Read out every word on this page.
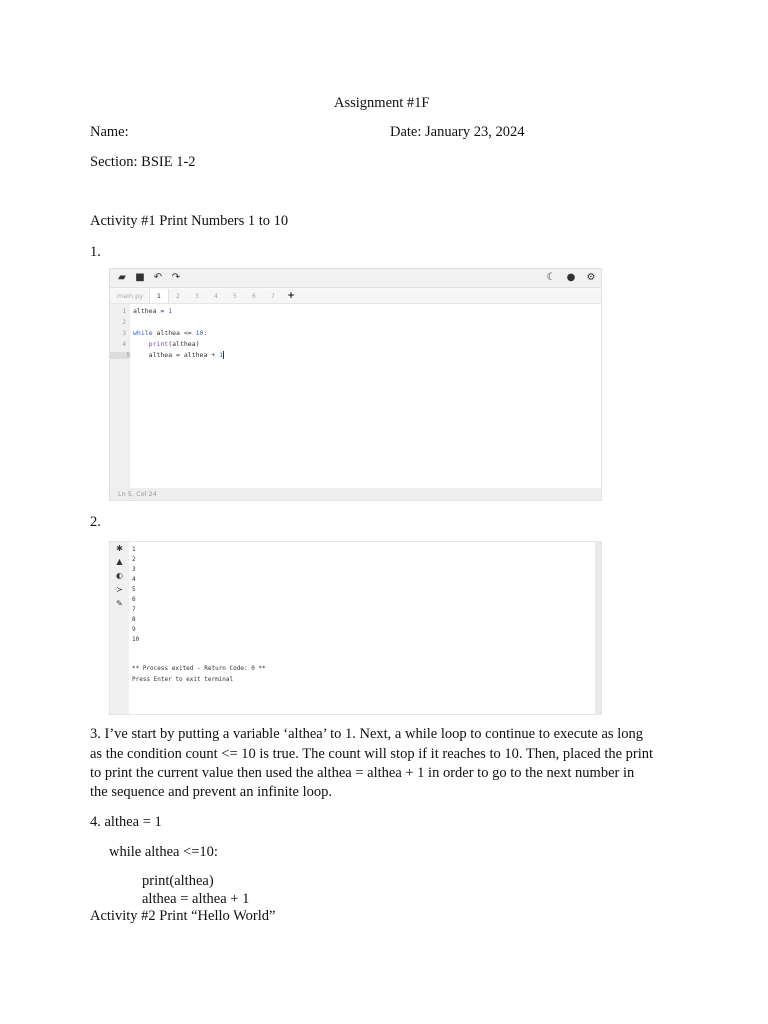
Assignment #1F
Name:	Date: January 23, 2024
Section: BSIE 1-2
Activity #1 Print Numbers 1 to 10
1.
▰ ■ ↶ ↷	☾ ● ⚙
main.py	1	2	3	4	5	6	7	+
1
2
3
4
5
althea = 1
while althea <= 10:
print(althea)
althea = althea + 1
Ln 5, Col 24
2.
✱
▲
◐
≻
✎
1
2
3
4
5
6
7
8
9
10
** Process exited - Return Code: 0 **
Press Enter to exit terminal
3. I’ve start by putting a variable ‘althea’ to 1. Next, a while loop to continue to execute as long
as the condition count <= 10 is true. The count will stop if it reaches to 10. Then, placed the print
to print the current value then used the althea = althea + 1 in order to go to the next number in
the sequence and prevent an infinite loop.
4. althea = 1
while althea <=10:
print(althea)
althea = althea + 1
Activity #2 Print “Hello World”
